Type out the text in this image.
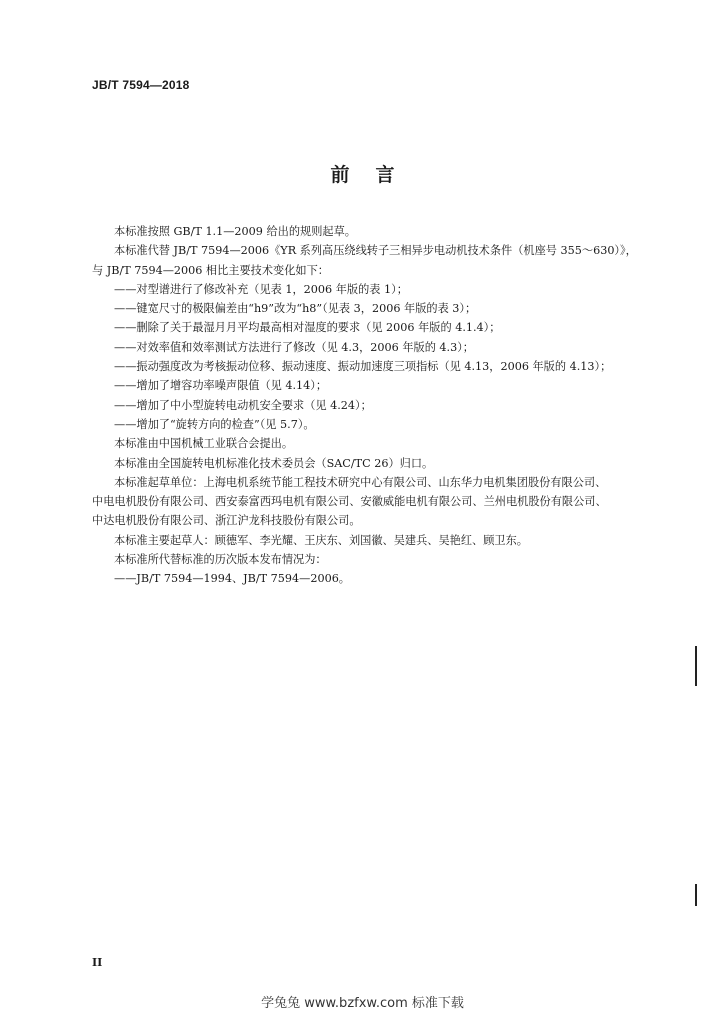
JB/T 7594—2018
前言

本标准按照 GB/T 1.1—2009 给出的规则起草。

本标准代替 JB/T 7594—2006《YR 系列高压绕线转子三相异步电动机技术条件（机座号 355～630）》，

与 JB/T 7594—2006 相比主要技术变化如下：

——对型谱进行了修改补充（见表 1，2006 年版的表 1）；

——键宽尺寸的极限偏差由“h9”改为“h8”（见表 3，2006 年版的表 3）；

——删除了关于最湿月月平均最高相对湿度的要求（见 2006 年版的 4.1.4）；

——对效率值和效率测试方法进行了修改（见 4.3，2006 年版的 4.3）；

——振动强度改为考核振动位移、振动速度、振动加速度三项指标（见 4.13，2006 年版的 4.13）；

——增加了增容功率噪声限值（见 4.14）；

——增加了中小型旋转电动机安全要求（见 4.24）；

——增加了“旋转方向的检查”（见 5.7）。

本标准由中国机械工业联合会提出。

本标准由全国旋转电机标准化技术委员会（SAC/TC 26）归口。

本标准起草单位：上海电机系统节能工程技术研究中心有限公司、山东华力电机集团股份有限公司、

中电电机股份有限公司、西安泰富西玛电机有限公司、安徽威能电机有限公司、兰州电机股份有限公司、

中达电机股份有限公司、浙江沪龙科技股份有限公司。

本标准主要起草人：顾德军、李光耀、王庆东、刘国徽、吴建兵、吴艳红、顾卫东。

本标准所代替标准的历次版本发布情况为：

——JB/T 7594—1994、JB/T 7594—2006。

II
学兔兔 www.bzfxw.com 标准下载
